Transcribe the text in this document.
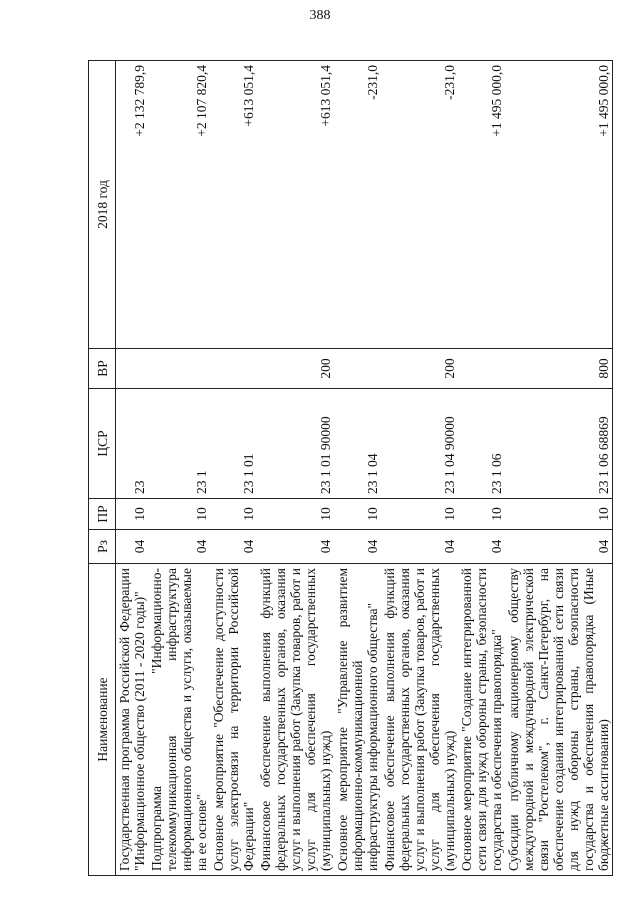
388
Наименование	Рз	ПР	ЦСР	ВР	2018 год
Государственная программа Российской Федерации "Информационное общество (2011 - 2020 годы)"	04	10	23		+2 132 789,9
Подпрограмма "Информационно-телекоммуникационная инфраструктура информационного общества и услуги, оказываемые на ее основе"	04	10	23 1		+2 107 820,4
Основное мероприятие "Обеспечение доступности услуг электросвязи на территории Российской Федерации"	04	10	23 1 01		+613 051,4
Финансовое обеспечение выполнения функций федеральных государственных органов, оказания услуг и выполнения работ (Закупка товаров, работ и услуг для обеспечения государственных (муниципальных) нужд)	04	10	23 1 01 90000	200	+613 051,4
Основное мероприятие "Управление развитием информационно-коммуникационной инфраструктуры информационного общества"	04	10	23 1 04		-231,0
Финансовое обеспечение выполнения функций федеральных государственных органов, оказания услуг и выполнения работ (Закупка товаров, работ и услуг для обеспечения государственных (муниципальных) нужд)	04	10	23 1 04 90000	200	-231,0
Основное мероприятие "Создание интегрированной сети связи для нужд обороны страны, безопасности государства и обеспечения правопорядка"	04	10	23 1 06		+1 495 000,0
Субсидии публичному акционерному обществу междугородной и международной электрической связи "Ростелеком", г. Санкт-Петербург, на обеспечение создания интегрированной сети связи для нужд обороны страны, безопасности государства и обеспечения правопорядка (Иные бюджетные ассигнования)	04	10	23 1 06 68869	800	+1 495 000,0
